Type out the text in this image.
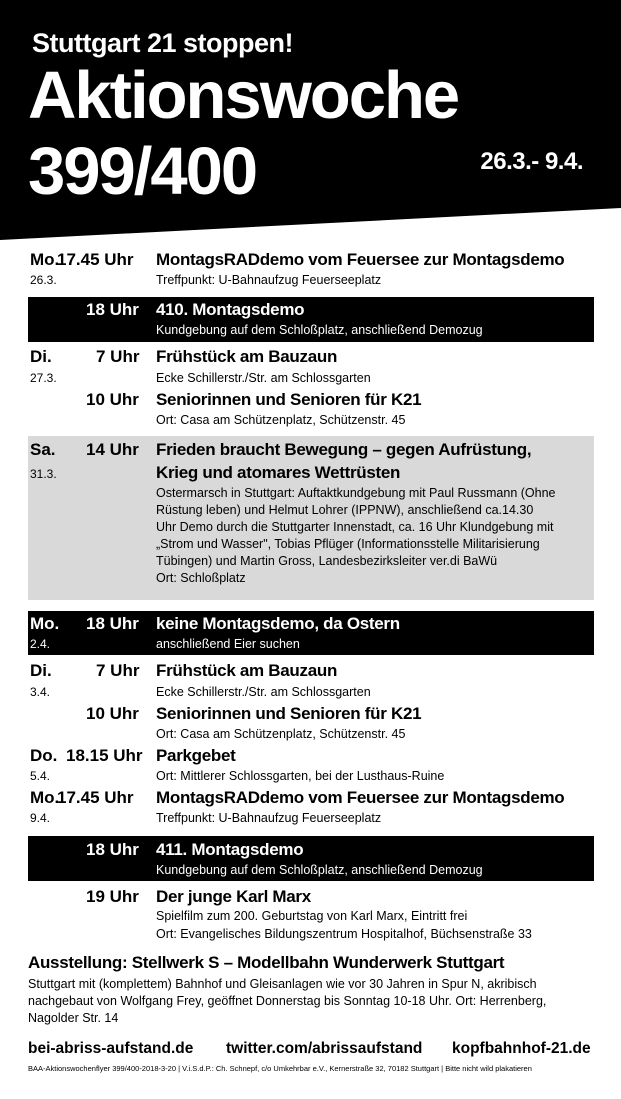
Stuttgart 21 stoppen!
Aktionswoche
399/400	26.3.- 9.4.
Mo.
17.45 Uhr MontagsRADdemo vom Feuersee zur Montagsdemo
26.3.	Treffpunkt: U-Bahnaufzug Feuerseeplatz
18 Uhr 410. Montagsdemo
Kundgebung auf dem Schloßplatz, anschließend Demozug
Di.	7 Uhr Frühstück am Bauzaun
27.3.	Ecke Schillerstr./Str. am Schlossgarten
10 Uhr Seniorinnen und Senioren für K21
Ort: Casa am Schützenplatz, Schützenstr. 45
Sa. 14 Uhr Frieden braucht Bewegung – gegen Aufrüstung,
31.3.	Krieg und atomares Wettrüsten
Ostermarsch in Stuttgart: Auftaktkundgebung mit Paul Russmann (Ohne
Rüstung leben) und Helmut Lohrer (IPPNW), anschließend ca.14.30
Uhr Demo durch die Stuttgarter Innenstadt, ca. 16 Uhr Klundgebung mit
„Strom und Wasser", Tobias Pflüger (Informationsstelle Militarisierung
Tübingen) und Martin Gross, Landesbezirksleiter ver.di BaWü
Ort: Schloßplatz
Mo. 18 Uhr keine Montagsdemo, da Ostern
2.4.	anschließend Eier suchen
Di.	7 Uhr Frühstück am Bauzaun
3.4.	Ecke Schillerstr./Str. am Schlossgarten
10 Uhr Seniorinnen und Senioren für K21
Ort: Casa am Schützenplatz, Schützenstr. 45
Do. 18.15 Uhr Parkgebet
5.4.	Ort: Mittlerer Schlossgarten, bei der Lusthaus-Ruine
Mo.
17.45 Uhr MontagsRADdemo vom Feuersee zur Montagsdemo
9.4.	Treffpunkt: U-Bahnaufzug Feuerseeplatz
18 Uhr 411. Montagsdemo
Kundgebung auf dem Schloßplatz, anschließend Demozug
19 Uhr Der junge Karl Marx
Spielfilm zum 200. Geburtstag von Karl Marx, Eintritt frei
Ort: Evangelisches Bildungszentrum Hospitalhof, Büchsenstraße 33
Ausstellung: Stellwerk S – Modellbahn Wunderwerk Stuttgart
Stuttgart mit (komplettem) Bahnhof und Gleisanlagen wie vor 30 Jahren in Spur N, akribisch nachgebaut von Wolfgang Frey, geöffnet Donnerstag bis Sonntag 10-18 Uhr. Ort: Herrenberg, Nagolder Str. 14
bei-abriss-aufstand.de twitter.com/abrissaufstand kopfbahnhof-21.de
BAA-Aktionswochenflyer 399/400-2018-3-20 | V.i.S.d.P.: Ch. Schnepf, c/o Umkehrbar e.V., Kernerstraße 32, 70182 Stuttgart | Bitte nicht wild plakatieren
